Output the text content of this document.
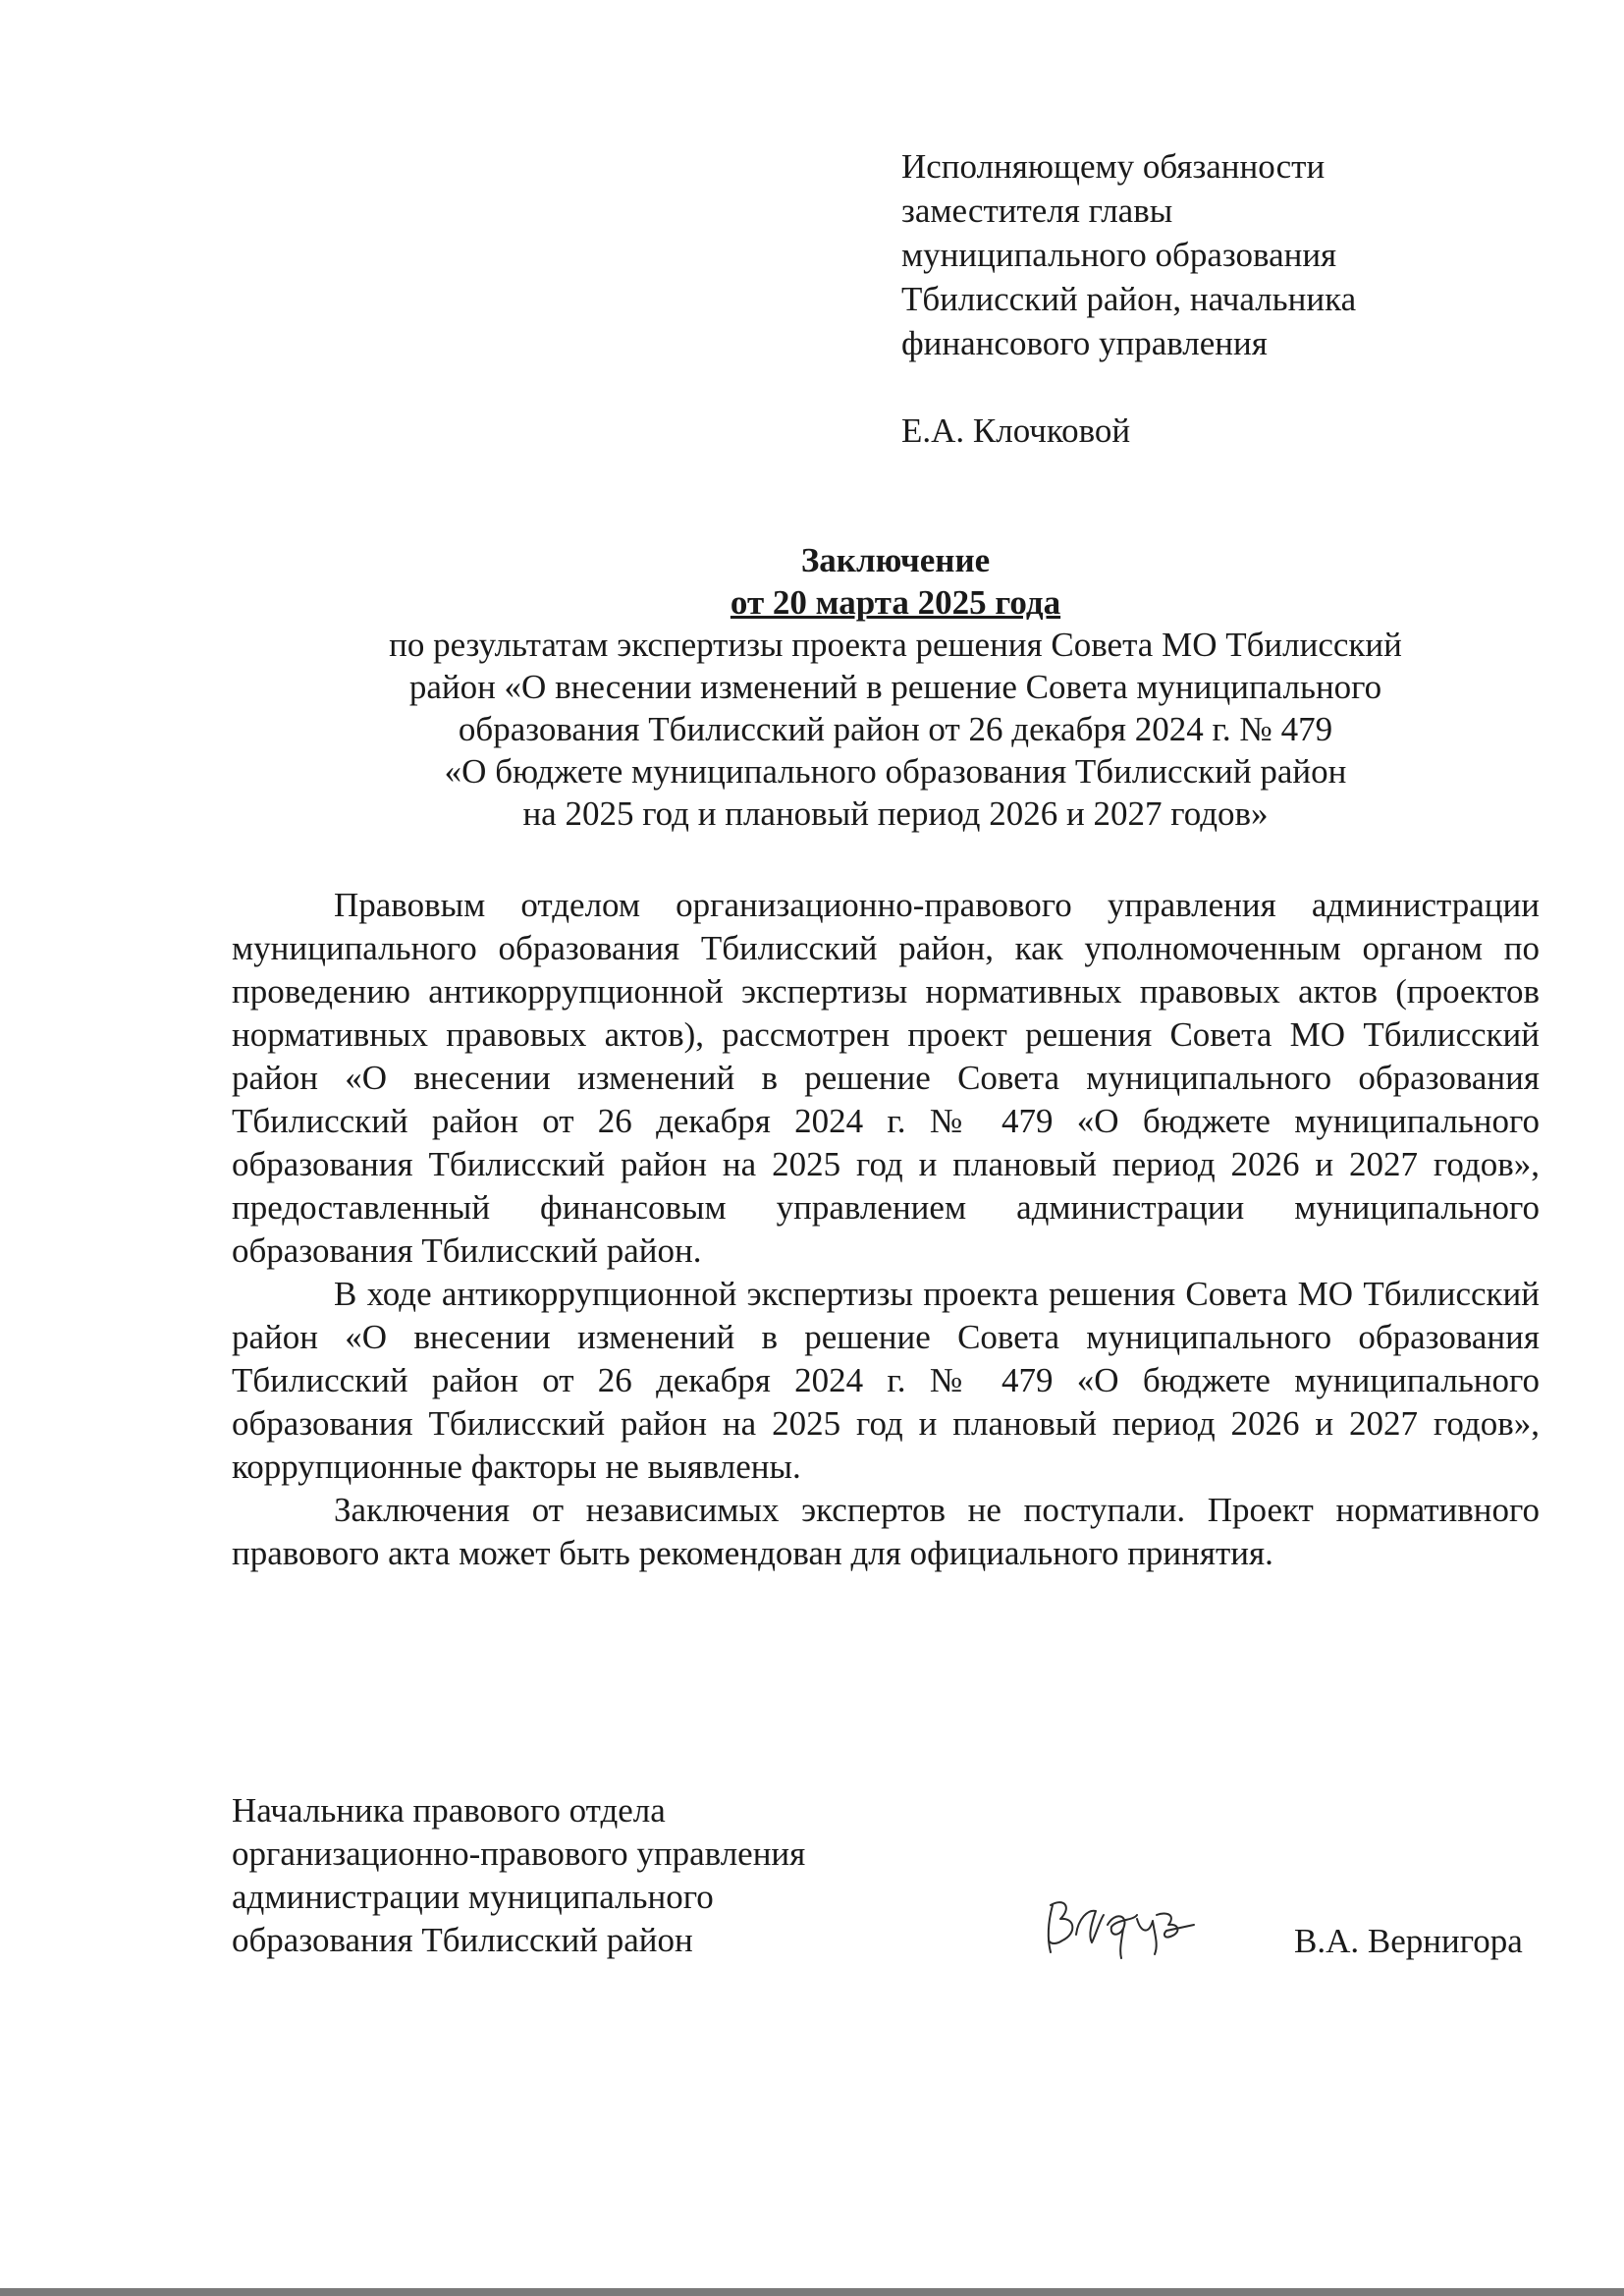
Исполняющему обязанности
заместителя главы
муниципального образования
Тбилисский район, начальника
финансового управления
Е.А. Клочковой
Заключение
от 20 марта 2025 года
по результатам экспертизы проекта решения Совета МО Тбилисский
район «О внесении изменений в решение Совета муниципального
образования Тбилисский район от 26 декабря 2024 г. № 479
«О бюджете муниципального образования Тбилисский район
на 2025 год и плановый период 2026 и 2027 годов»

Правовым отделом организационно-правового управления администрации муниципального образования Тбилисский район, как уполномоченным органом по проведению антикоррупционной экспертизы нормативных правовых актов (проектов нормативных правовых актов), рассмотрен проект решения Совета МО Тбилисский район «О внесении изменений в решение Совета муниципального образования Тбилисский район от 26 декабря 2024 г. № 479 «О бюджете муниципального образования Тбилисский район на 2025 год и плановый период 2026 и 2027 годов», предоставленный финансовым управлением администрации муниципального образования Тбилисский район.

В ходе антикоррупционной экспертизы проекта решения Совета МО Тбилисский район «О внесении изменений в решение Совета муниципального образования Тбилисский район от 26 декабря 2024 г. № 479 «О бюджете муниципального образования Тбилисский район на 2025 год и плановый период 2026 и 2027 годов», коррупционные факторы не выявлены.

Заключения от независимых экспертов не поступали. Проект нормативного правового акта может быть рекомендован для официального принятия.

Начальника правового отдела
организационно-правового управления
администрации муниципального
образования Тбилисский район	В.А. Вернигора
